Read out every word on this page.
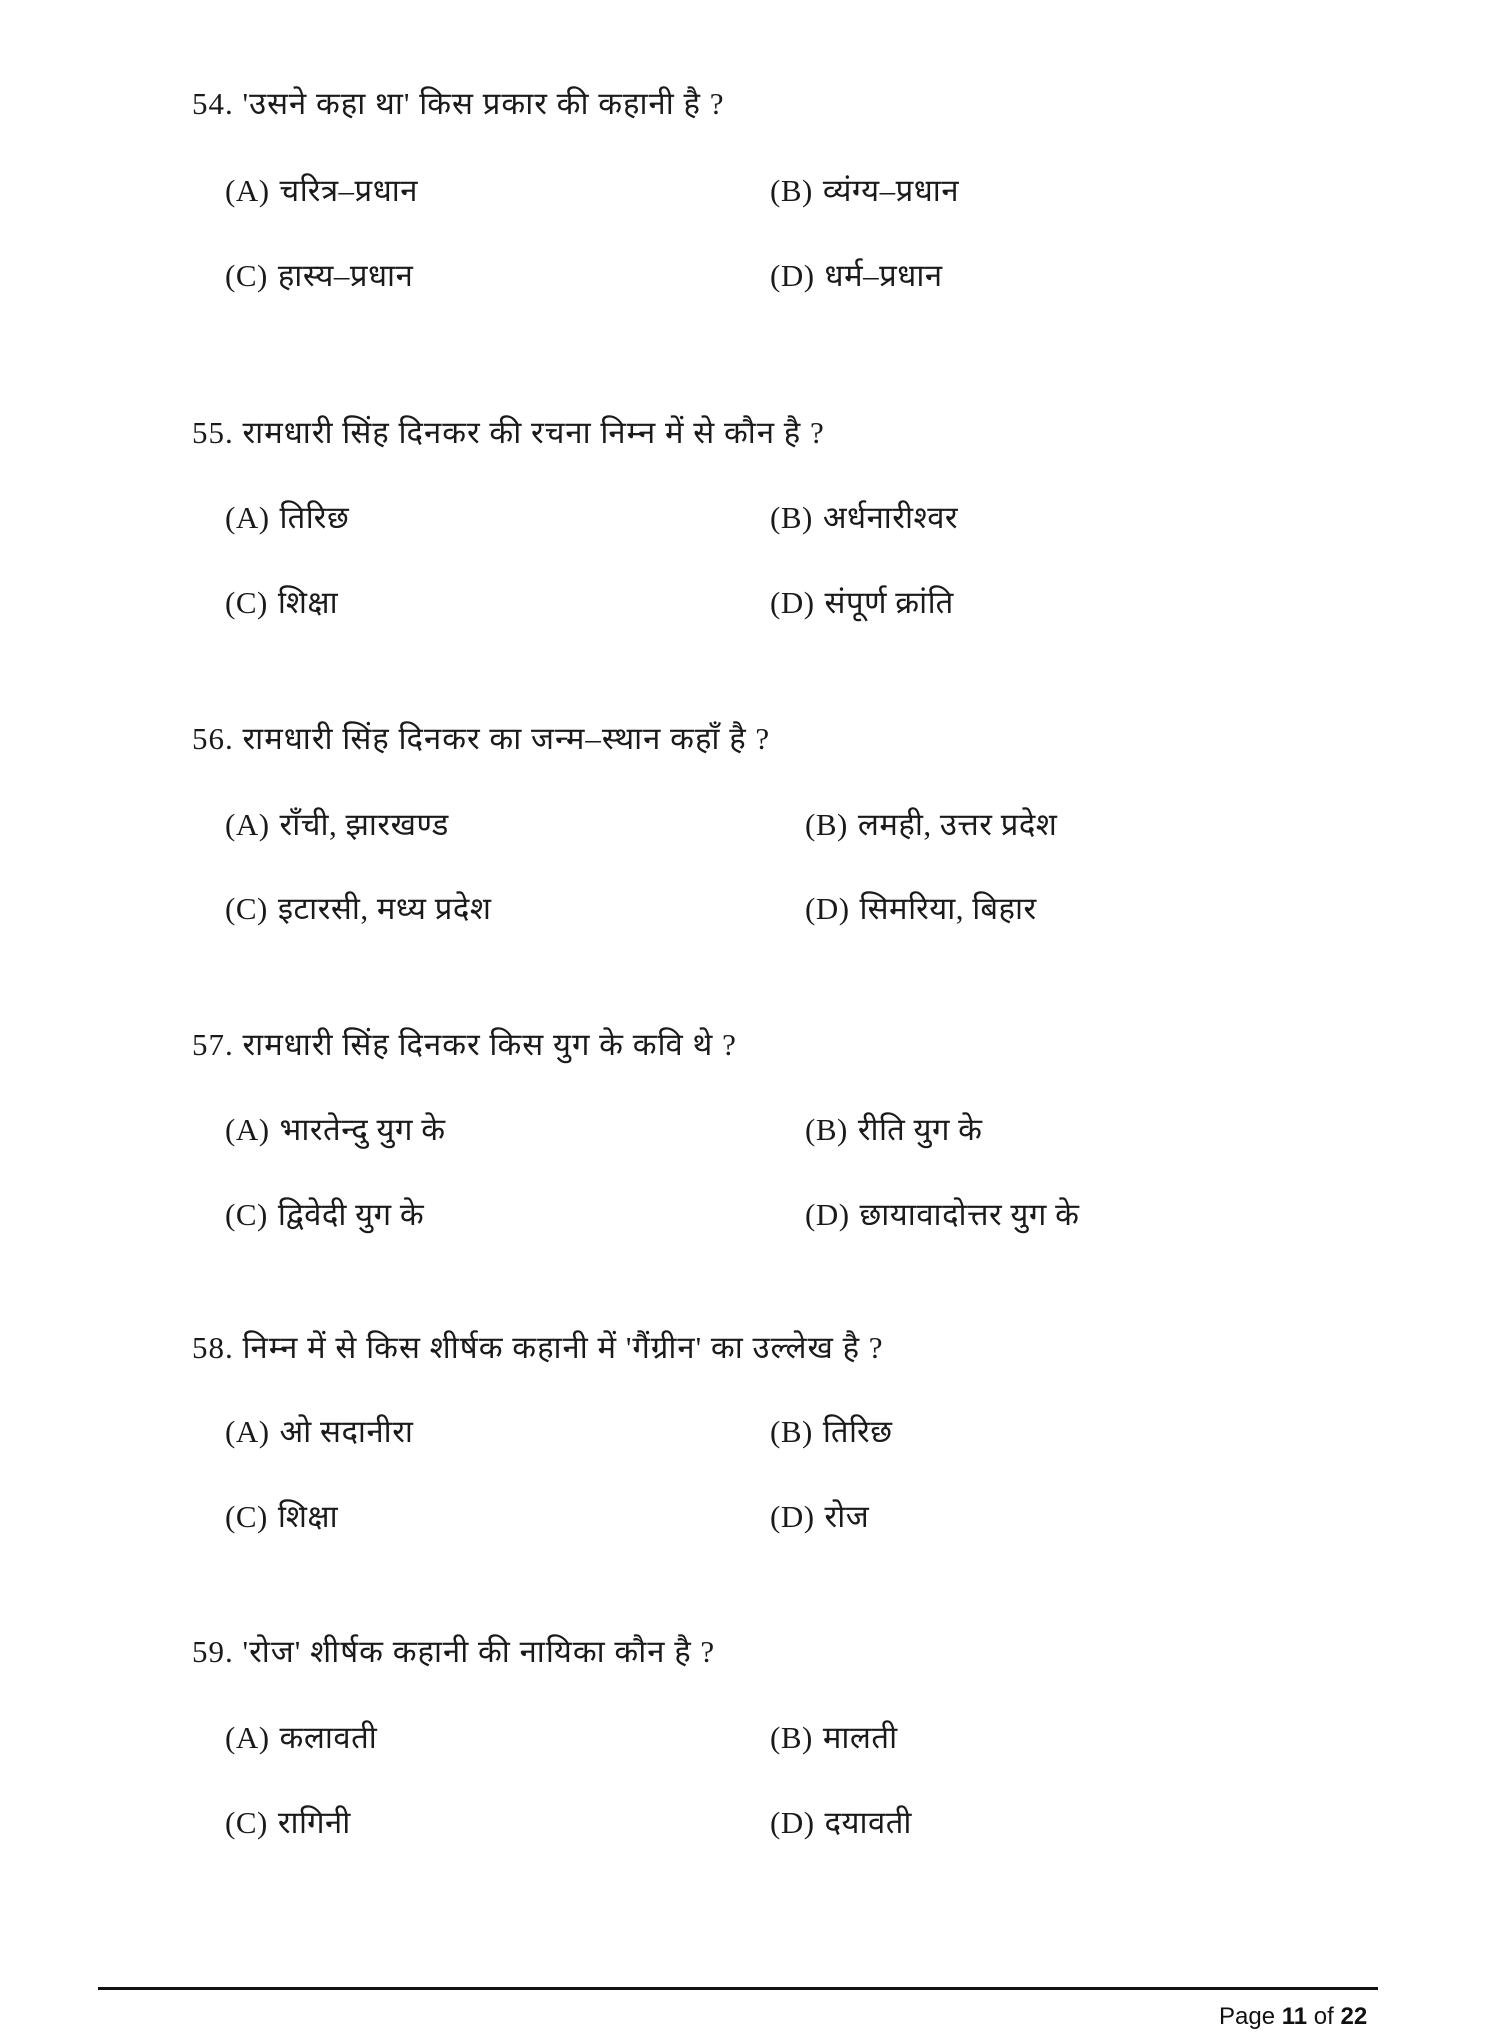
54. 'उसने कहा था' किस प्रकार की कहानी है ?
(A) चरित्र–प्रधान	(B) व्यंग्य–प्रधान
(C) हास्य–प्रधान	(D) धर्म–प्रधान
55. रामधारी सिंह दिनकर की रचना निम्न में से कौन है ?
(A) तिरिछ	(B) अर्धनारीश्वर
(C) शिक्षा	(D) संपूर्ण क्रांति
56. रामधारी सिंह दिनकर का जन्म–स्थान कहाँ है ?
(A) राँची, झारखण्ड	(B) लमही, उत्तर प्रदेश
(C) इटारसी, मध्य प्रदेश	(D) सिमरिया, बिहार
57. रामधारी सिंह दिनकर किस युग के कवि थे ?
(A) भारतेन्दु युग के	(B) रीति युग के
(C) द्विवेदी युग के	(D) छायावादोत्तर युग के
58. निम्न में से किस शीर्षक कहानी में 'गैंग्रीन' का उल्लेख है ?
(A) ओ सदानीरा	(B) तिरिछ
(C) शिक्षा	(D) रोज
59. 'रोज' शीर्षक कहानी की नायिका कौन है ?
(A) कलावती	(B) मालती
(C) रागिनी	(D) दयावती
Page 11 of 22
